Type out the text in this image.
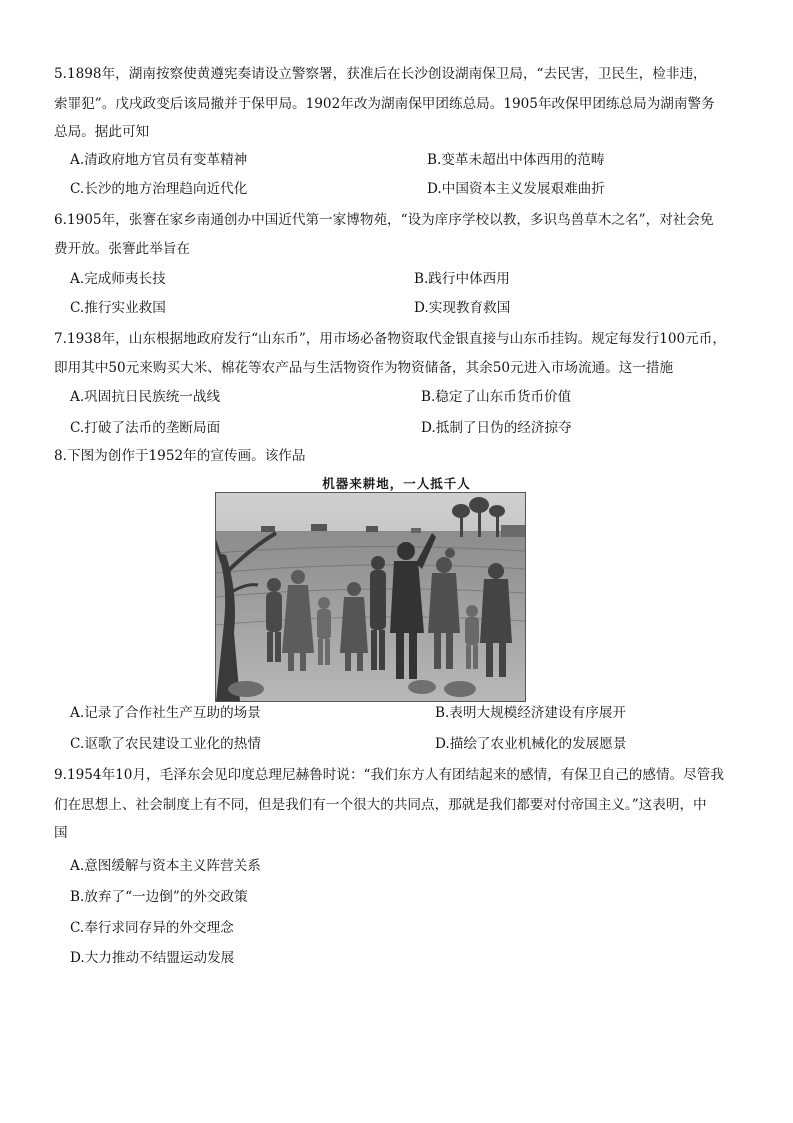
5.1898年，湖南按察使黄遵宪奏请设立警察署，获准后在长沙创设湖南保卫局，“去民害，卫民生，检非违，
索罪犯”。戊戌政变后该局撤并于保甲局。1902年改为湖南保甲团练总局。1905年改保甲团练总局为湖南警务
总局。据此可知
A.清政府地方官员有变革精神	B.变革未超出中体西用的范畴
C.长沙的地方治理趋向近代化	D.中国资本主义发展艰难曲折
6.1905年，张謇在家乡南通创办中国近代第一家博物苑，“设为庠序学校以教，多识鸟兽草木之名”，对社会免
费开放。张謇此举旨在
A.完成师夷长技	B.践行中体西用
C.推行实业救国	D.实现教育救国
7.1938年，山东根据地政府发行“山东币”，用市场必备物资取代金银直接与山东币挂钩。规定每发行100元币，
即用其中50元来购买大米、棉花等农产品与生活物资作为物资储备，其余50元进入市场流通。这一措施
A.巩固抗日民族统一战线	B.稳定了山东币货币价值
C.打破了法币的垄断局面	D.抵制了日伪的经济掠夺
8.下图为创作于1952年的宣传画。该作品
机器来耕地，一人抵千人
A.记录了合作社生产互助的场景	B.表明大规模经济建设有序展开
C.讴歌了农民建设工业化的热情	D.描绘了农业机械化的发展愿景
9.1954年10月，毛泽东会见印度总理尼赫鲁时说：“我们东方人有团结起来的感情，有保卫自己的感情。尽管我
们在思想上、社会制度上有不同，但是我们有一个很大的共同点，那就是我们都要对付帝国主义。”这表明，中
国
A.意图缓解与资本主义阵营关系
B.放弃了“一边倒”的外交政策
C.奉行求同存异的外交理念
D.大力推动不结盟运动发展
